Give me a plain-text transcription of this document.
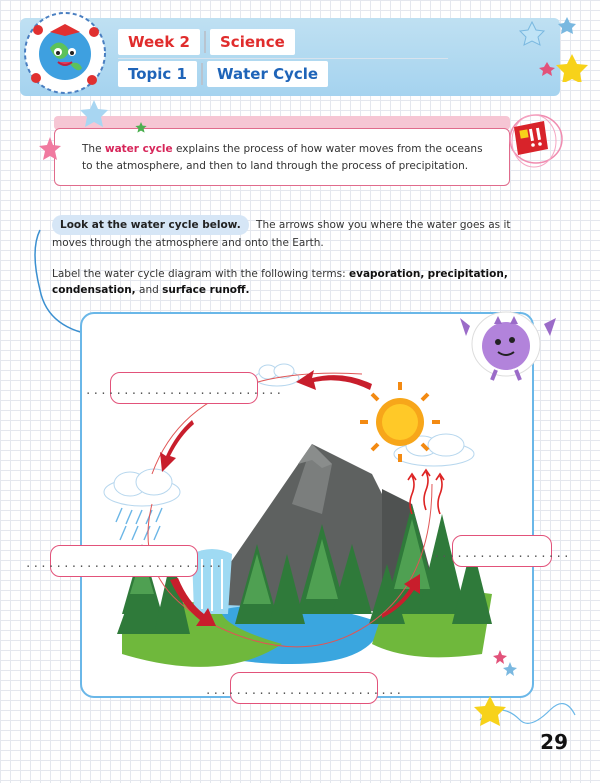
Week 2	Science
Topic 1	Water Cycle
The water cycle explains the process of how water moves from the oceans to the atmosphere, and then to land through the process of precipitation.
Look at the water cycle below. The arrows show you where the water goes as it moves through the atmosphere and onto the Earth.
Label the water cycle diagram with the following terms: evaporation, precipitation, condensation, and surface runoff.
..........................
..........................
..................
..........................
29
